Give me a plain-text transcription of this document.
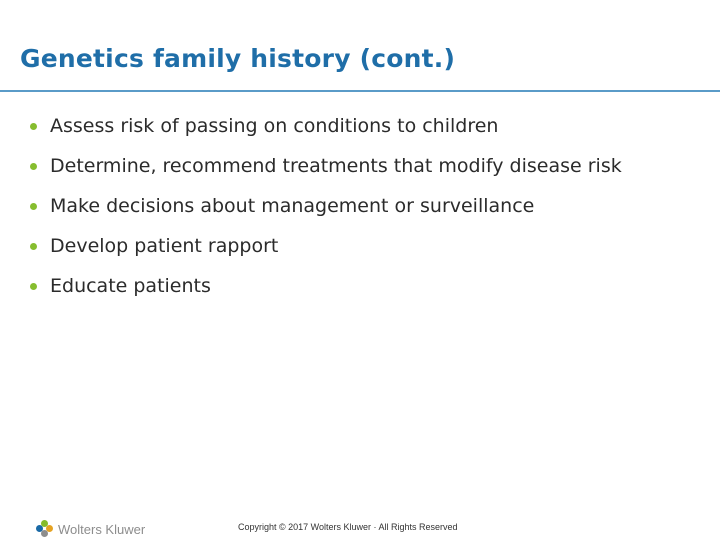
Genetics family history (cont.)
Assess risk of passing on conditions to children
Determine, recommend treatments that modify disease risk
Make decisions about management or surveillance
Develop patient rapport
Educate patients
Wolters Kluwer	Copyright © 2017 Wolters Kluwer · All Rights Reserved
